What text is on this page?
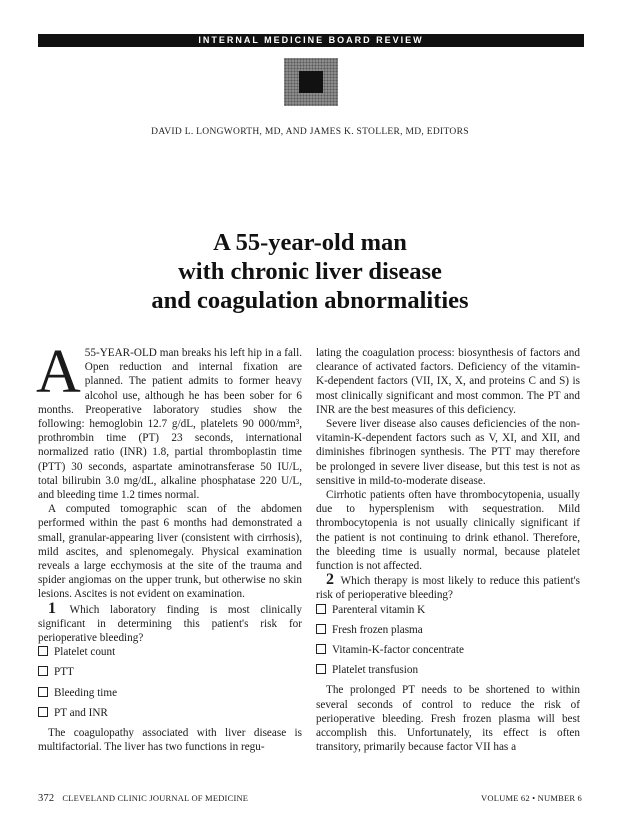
INTERNAL MEDICINE BOARD REVIEW
DAVID L. LONGWORTH, MD, AND JAMES K. STOLLER, MD, EDITORS
A 55-year-old man
with chronic liver disease
and coagulation abnormalities

A 55-YEAR-OLD man breaks his left hip in a fall. Open reduction and internal fixation are planned. The patient admits to former heavy alcohol use, although he has been sober for 6 months. Preoperative laboratory studies show the following: hemoglobin 12.7 g/dL, platelets 90 000/mm³, prothrombin time (PT) 23 seconds, international normalized ratio (INR) 1.8, partial thromboplastin time (PTT) 30 seconds, aspartate aminotransferase 50 IU/L, total bilirubin 3.0 mg/dL, alkaline phosphatase 220 U/L, and bleeding time 1.2 times normal.

A computed tomographic scan of the abdomen performed within the past 6 months had demonstrated a small, granular-appearing liver (consistent with cirrhosis), mild ascites, and splenomegaly. Physical examination reveals a large ecchymosis at the site of the trauma and spider angiomas on the upper trunk, but otherwise no skin lesions. Ascites is not evident on examination.

1 Which laboratory finding is most clinically significant in determining this patient's risk for perioperative bleeding?

Platelet count
PTT
Bleeding time
PT and INR

The coagulopathy associated with liver disease is multifactorial. The liver has two functions in regu-

lating the coagulation process: biosynthesis of factors and clearance of activated factors. Deficiency of the vitamin-K-dependent factors (VII, IX, X, and proteins C and S) is most clinically significant and most common. The PT and INR are the best measures of this deficiency.

Severe liver disease also causes deficiencies of the non-vitamin-K-dependent factors such as V, XI, and XII, and diminishes fibrinogen synthesis. The PTT may therefore be prolonged in severe liver disease, but this test is not as sensitive in mild-to-moderate disease.

Cirrhotic patients often have thrombocytopenia, usually due to hypersplenism with sequestration. Mild thrombocytopenia is not usually clinically significant if the patient is not continuing to drink ethanol. Therefore, the bleeding time is usually normal, because platelet function is not affected.

2 Which therapy is most likely to reduce this patient's risk of perioperative bleeding?

Parenteral vitamin K
Fresh frozen plasma
Vitamin-K-factor concentrate
Platelet transfusion

The prolonged PT needs to be shortened to within several seconds of control to reduce the risk of perioperative bleeding. Fresh frozen plasma will best accomplish this. Unfortunately, its effect is often transitory, primarily because factor VII has a

372 CLEVELAND CLINIC JOURNAL OF MEDICINE	VOLUME 62 • NUMBER 6
